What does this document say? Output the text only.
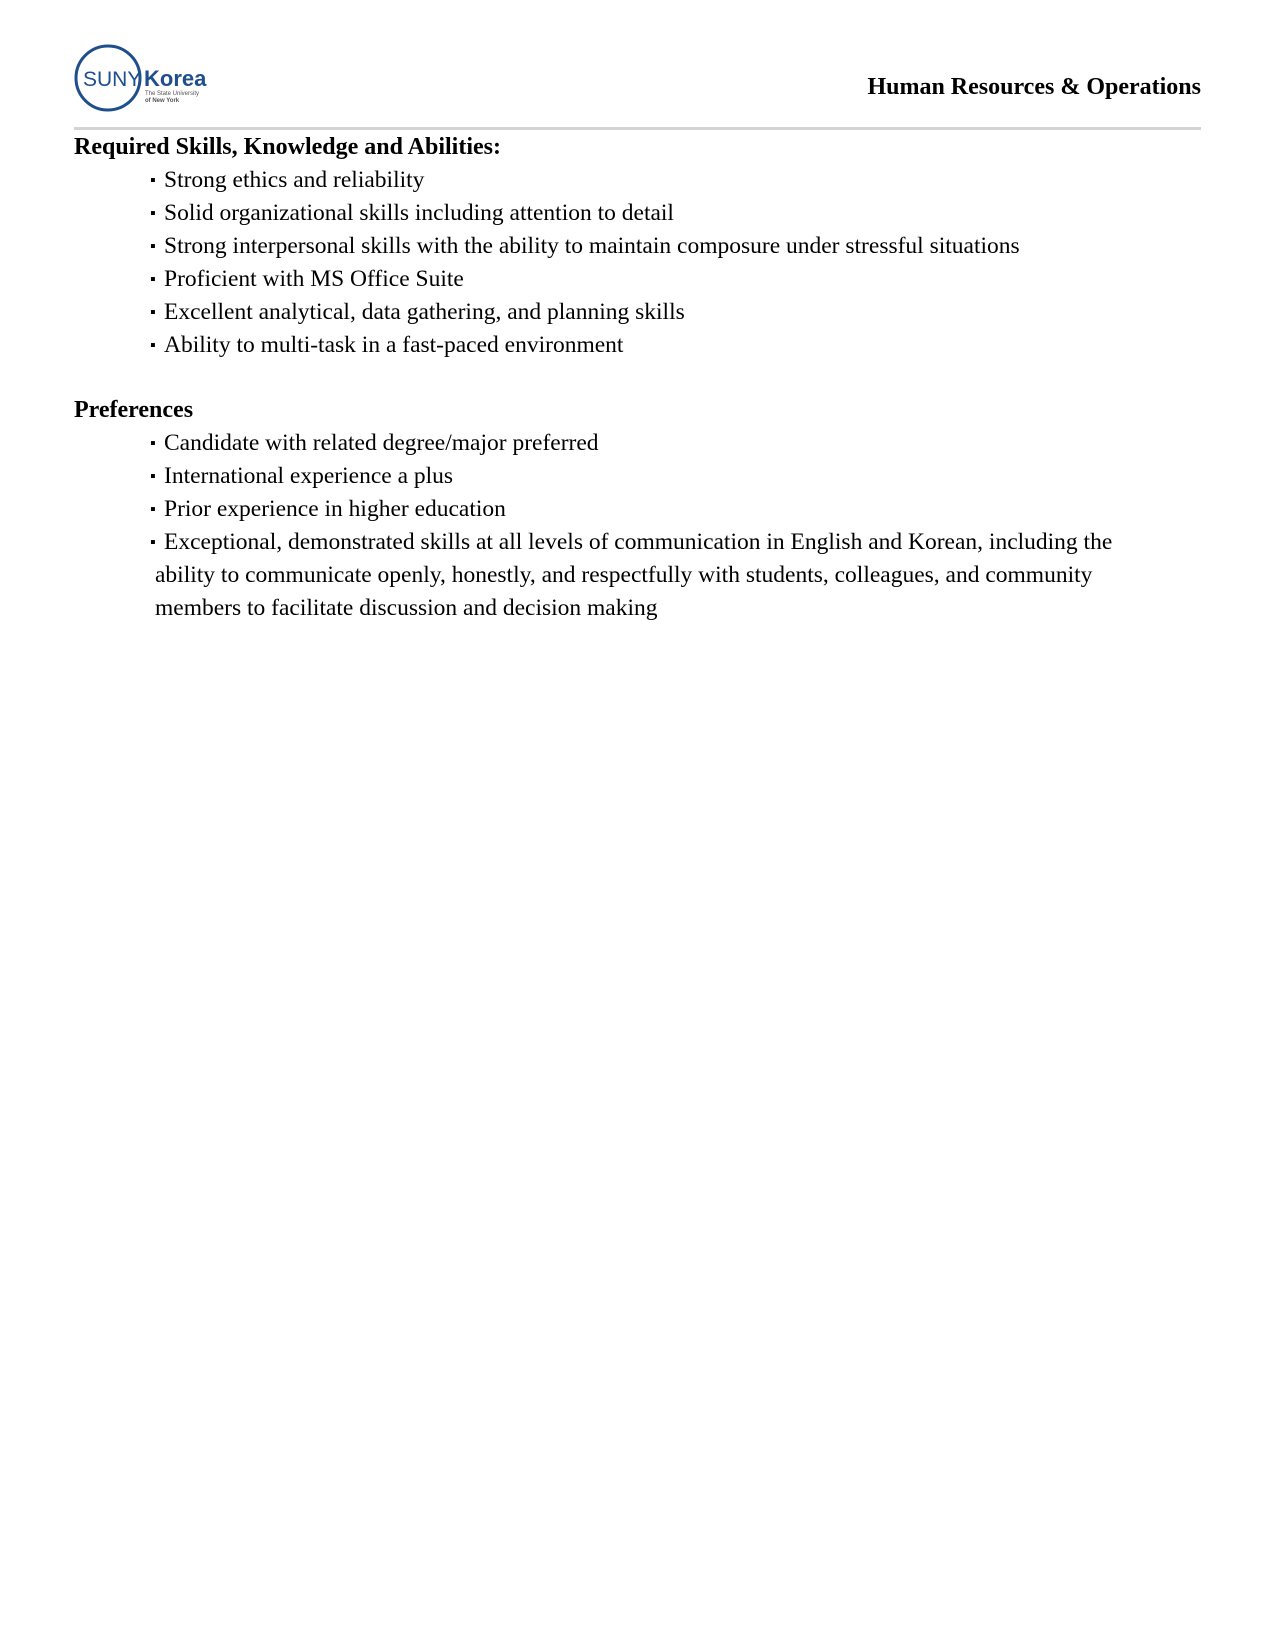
SUNY Korea
The State University
of New York
Human Resources & Operations
Required Skills, Knowledge and Abilities:
▪ Strong ethics and reliability
▪ Solid organizational skills including attention to detail
▪ Strong interpersonal skills with the ability to maintain composure under stressful situations
▪ Proficient with MS Office Suite
▪ Excellent analytical, data gathering, and planning skills
▪ Ability to multi-task in a fast-paced environment
Preferences
▪ Candidate with related degree/major preferred
▪ International experience a plus
▪ Prior experience in higher education
▪ Exceptional, demonstrated skills at all levels of communication in English and Korean, including the
ability to communicate openly, honestly, and respectfully with students, colleagues, and community
members to facilitate discussion and decision making
